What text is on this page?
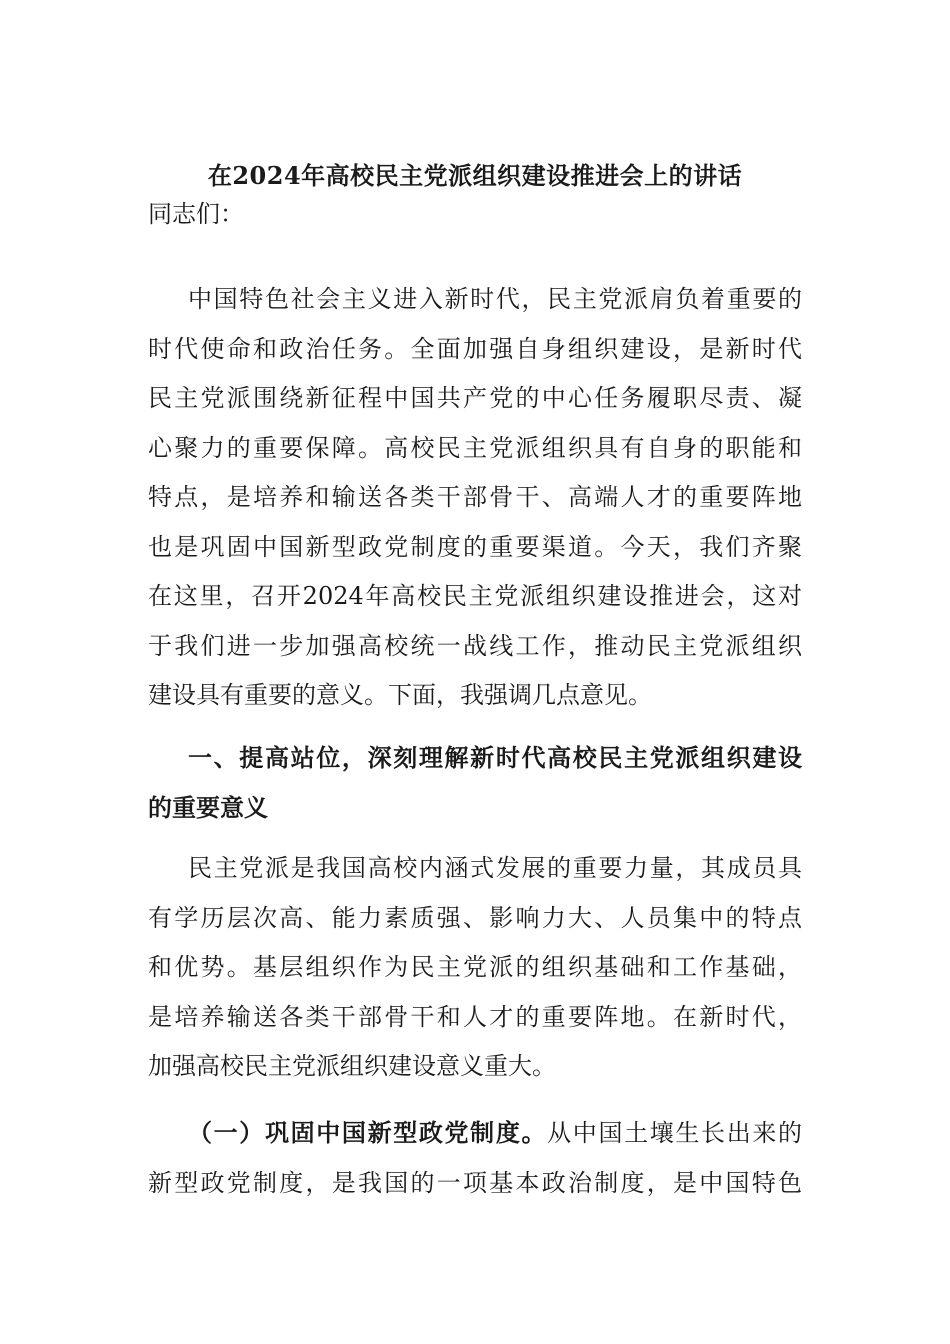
在2024年高校民主党派组织建设推进会上的讲话
同志们：
中国特色社会主义进入新时代，民主党派肩负着重要的
时代使命和政治任务。全面加强自身组织建设，是新时代
民主党派围绕新征程中国共产党的中心任务履职尽责、凝
心聚力的重要保障。高校民主党派组织具有自身的职能和
特点，是培养和输送各类干部骨干、高端人才的重要阵地
也是巩固中国新型政党制度的重要渠道。今天，我们齐聚
在这里，召开2024年高校民主党派组织建设推进会，这对
于我们进一步加强高校统一战线工作，推动民主党派组织
建设具有重要的意义。下面，我强调几点意见。
一、提高站位，深刻理解新时代高校民主党派组织建设
的重要意义
民主党派是我国高校内涵式发展的重要力量，其成员具
有学历层次高、能力素质强、影响力大、人员集中的特点
和优势。基层组织作为民主党派的组织基础和工作基础，
是培养输送各类干部骨干和人才的重要阵地。在新时代，
加强高校民主党派组织建设意义重大。
（一）巩固中国新型政党制度。从中国土壤生长出来的
新型政党制度，是我国的一项基本政治制度，是中国特色
